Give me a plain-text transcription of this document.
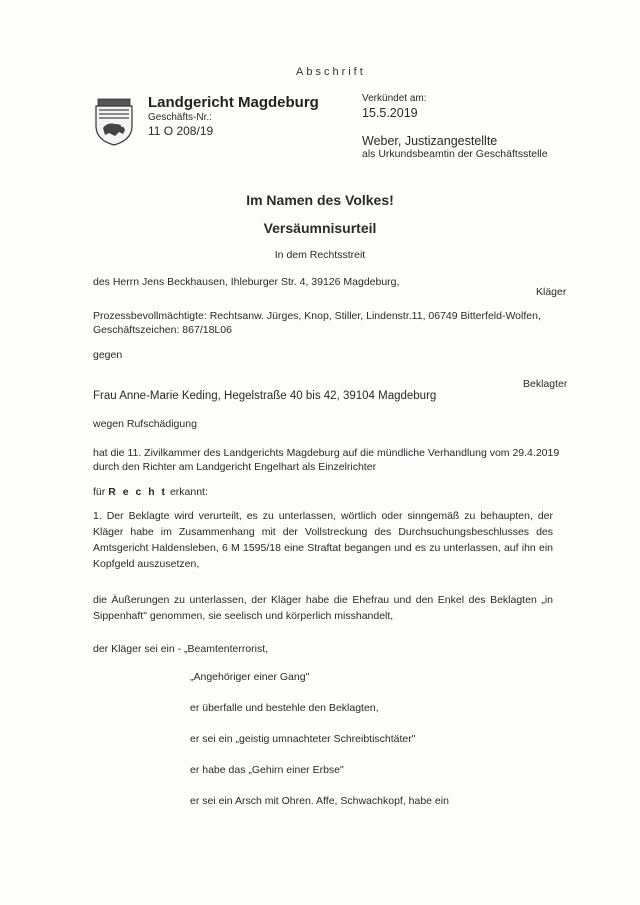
Abschrift
Landgericht Magdeburg
Geschäfts-Nr.:
11 O 208/19
Verkündet am:
15.5.2019
Weber, Justizangestellte
als Urkundsbeamtin der Geschäftsstelle
Im Namen des Volkes!
Versäumnisurteil
In dem Rechtsstreit
des Herrn Jens Beckhausen, Ihleburger Str. 4, 39126 Magdeburg,
Kläger
Prozessbevollmächtigte: Rechtsanw. Jürges, Knop, Stiller, Lindenstr.11, 06749 Bitterfeld-Wolfen,
Geschäftszeichen: 867/18L06
gegen
Beklagter
Frau Anne-Marie Keding, Hegelstraße 40 bis 42, 39104 Magdeburg
wegen Rufschädigung
hat die 11. Zivilkammer des Landgerichts Magdeburg auf die mündliche Verhandlung vom 29.4.2019
durch den Richter am Landgericht Engelhart als Einzelrichter
für R e c h t erkannt:
1. Der Beklagte wird verurteilt, es zu unterlassen, wörtlich oder sinngemäß zu behaupten, der Kläger habe im Zusammenhang mit der Vollstreckung des Durchsuchungsbeschlusses des Amtsgericht Haldensleben, 6 M 1595/18 eine Straftat begangen und es zu unterlassen, auf ihn ein Kopfgeld auszusetzen,
die Äußerungen zu unterlassen, der Kläger habe die Ehefrau und den Enkel des Beklagten „in
Sippenhaft" genommen, sie seelisch und körperlich misshandelt,
der Kläger sei ein - „Beamtenterrorist,
„Angehöriger einer Gang"
er überfalle und bestehle den Beklagten,
er sei ein „geistig umnachteter Schreibtischtäter"
er habe das „Gehirn einer Erbse"
er sei ein Arsch mit Ohren. Affe, Schwachkopf, habe ein
